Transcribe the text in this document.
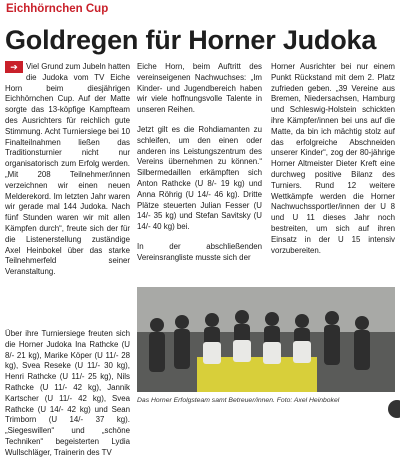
Eichhörnchen Cup
Goldregen für Horner Judoka

➔	Viel Grund zum Jubeln hatten die Judoka vom TV Eiche Horn beim diesjährigen Eichhörnchen Cup. Auf der Matte sorgte das 13-köpfige Kampfteam des Ausrichters für reichlich gute Stimmung. Acht Turniersiege bei 10 Finalteilnahmen ließen das Traditionsturnier nicht nur organisatorisch zum Erfolg werden. „Mit 208 Teilnehmer/innen verzeichnen wir einen neuen Melderekord. Im letzten Jahr waren wir gerade mal 144 Judoka. Nach fünf Stunden waren wir mit allen Kämpfen durch“, freute sich der für die Listenerstellung zuständige Axel Heinbokel über das starke Teilnehmerfeld seiner Veranstaltung.

Über ihre Turniersiege freuten sich die Horner Judoka Ina Rathcke (U 8/- 21 kg), Marike Köper (U 11/- 28 kg), Svea Reseke (U 11/- 30 kg), Henri Rathcke (U 11/- 25 kg), Nils Rathcke (U 11/- 42 kg), Jannik Kartscher (U 11/- 42 kg), Svea Rathcke (U 14/- 42 kg) und Sean Trimborn (U 14/- 37 kg). „Siegeswillen“ und „schöne Techniken“ begeisterten Lydia Wullschläger, Trainerin des TV

Eiche Horn, beim Auftritt des vereinseigenen Nachwuchses: „Im Kinder- und Jugendbereich haben wir viele hoffnungsvolle Talente in unseren Reihen.

Jetzt gilt es die Rohdiamanten zu schleifen, um den einen oder anderen ins Leistungszentrum des Vereins übernehmen zu können.“ Silbermedaillen erkämpften sich Anton Rathcke (U 8/- 19 kg) und Anna Röhrig (U 14/- 46 kg). Dritte Plätze steuerten Julian Fesser (U 14/- 35 kg) und Stefan Savitsky (U 14/- 40 kg) bei.

In der abschließenden Vereinsrangliste musste sich der

Horner Ausrichter bei nur einem Punkt Rückstand mit dem 2. Platz zufrieden geben. „39 Vereine aus Bremen, Niedersachsen, Hamburg und Schleswig-Holstein schickten ihre Kämpfer/innen bei uns auf die Matte, da bin ich mächtig stolz auf das erfolgreiche Abschneiden unserer Kinder“, zog der 80-jährige Horner Altmeister Dieter Kreft eine durchweg positive Bilanz des Turniers. Rund 12 weitere Wettkämpfe werden die Horner Nachwuchssportler/innen der U 8 und U 11 dieses Jahr noch bestreiten, um sich auf ihren Einsatz in der U 15 intensiv vorzubereiten.

Das Horner Erfolgsteam samt Betreuer/innen. Foto: Axel Heinbokel
